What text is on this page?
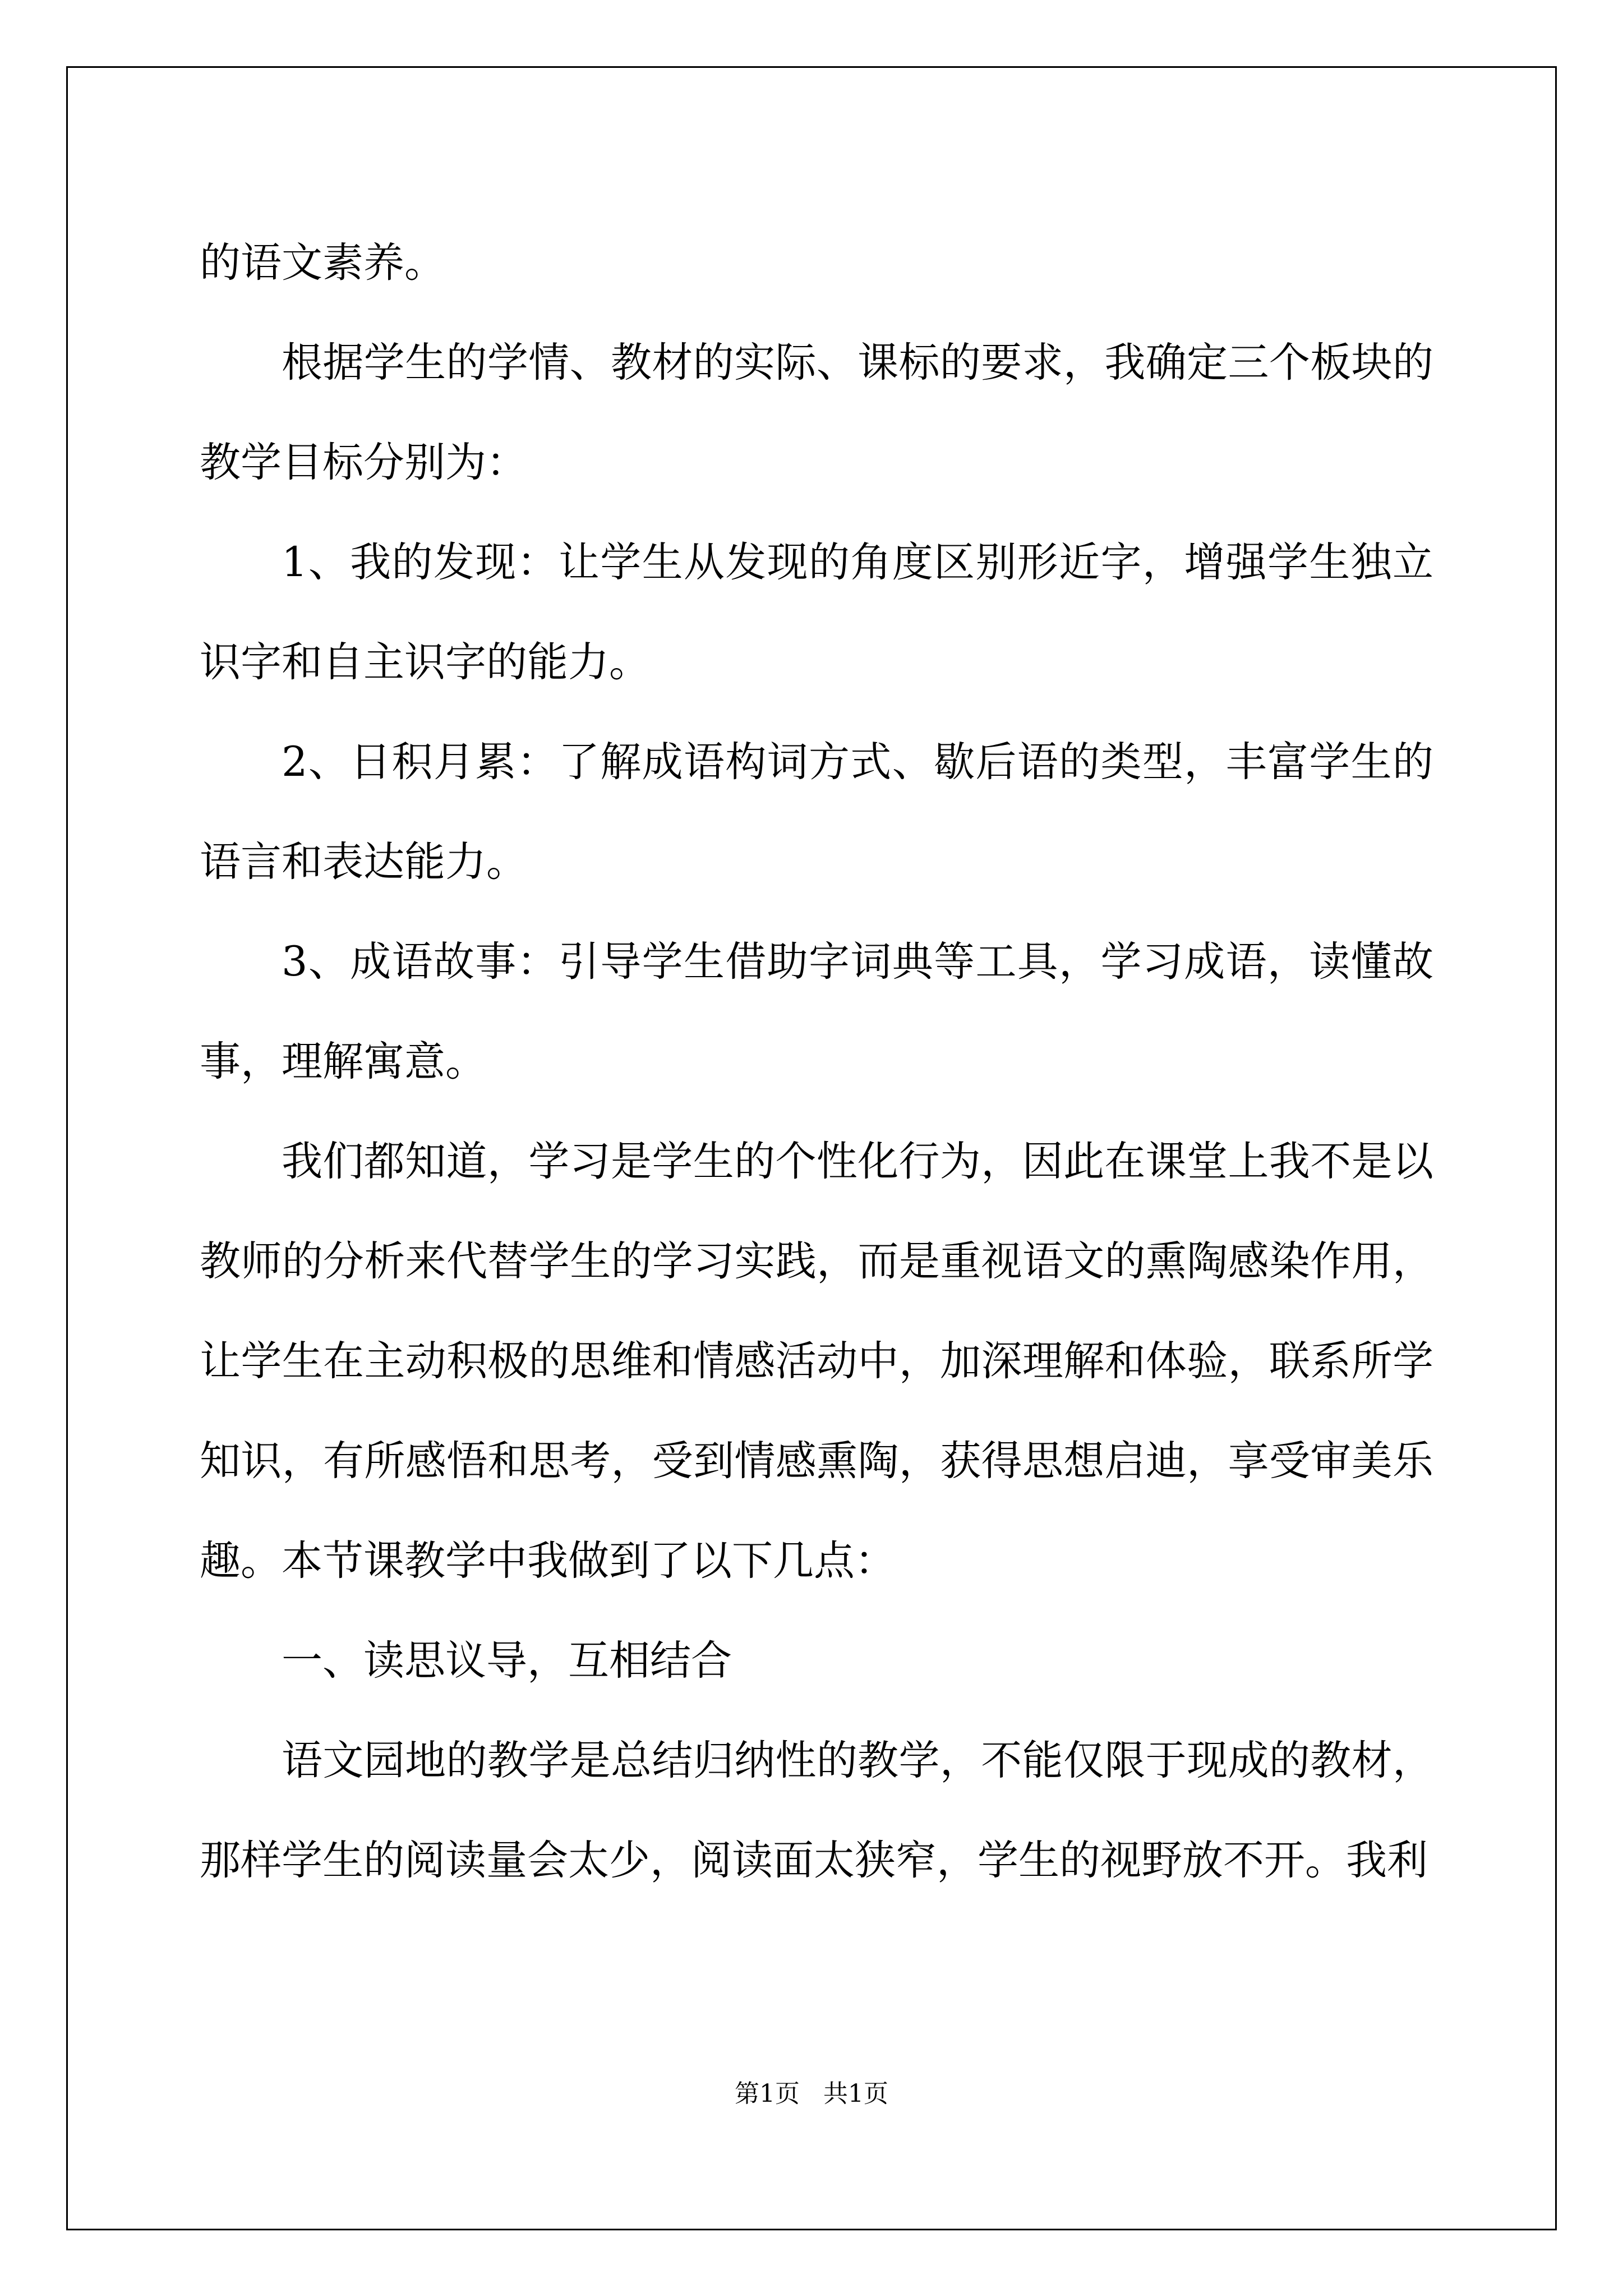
的语文素养。

根据学生的学情、教材的实际、课标的要求，我确定三个板块的教学目标分别为：

1、我的发现：让学生从发现的角度区别形近字，增强学生独立识字和自主识字的能力。

2、日积月累：了解成语构词方式、歇后语的类型，丰富学生的语言和表达能力。

3、成语故事：引导学生借助字词典等工具，学习成语，读懂故事，理解寓意。

我们都知道，学习是学生的个性化行为，因此在课堂上我不是以教师的分析来代替学生的学习实践，而是重视语文的熏陶感染作用，让学生在主动积极的思维和情感活动中，加深理解和体验，联系所学知识，有所感悟和思考，受到情感熏陶，获得思想启迪，享受审美乐趣。本节课教学中我做到了以下几点：

一、读思议导，互相结合

语文园地的教学是总结归纳性的教学，不能仅限于现成的教材，那样学生的阅读量会太少，阅读面太狭窄，学生的视野放不开。我利

第1页   共1页
